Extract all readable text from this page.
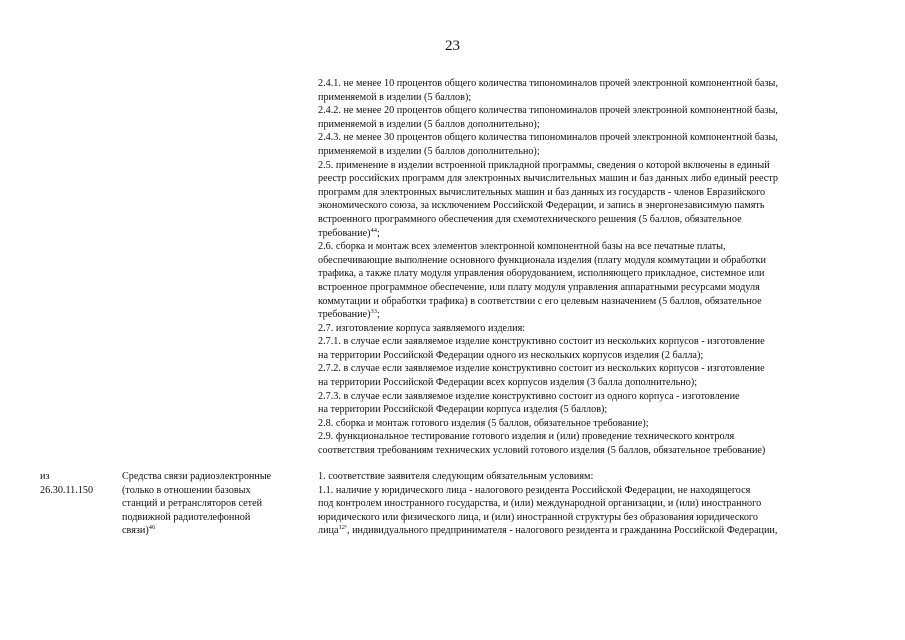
23

2.4.1. не менее 10 процентов общего количества типономиналов прочей электронной компонентной базы,
применяемой в изделии (5 баллов);

2.4.2. не менее 20 процентов общего количества типономиналов прочей электронной компонентной базы,
применяемой в изделии (5 баллов дополнительно);

2.4.3. не менее 30 процентов общего количества типономиналов прочей электронной компонентной базы,
применяемой в изделии (5 баллов дополнительно);

2.5. применение в изделии встроенной прикладной программы, сведения о которой включены в единый
реестр российских программ для электронных вычислительных машин и баз данных либо единый реестр
программ для электронных вычислительных машин и баз данных из государств - членов Евразийского
экономического союза, за исключением Российской Федерации, и запись в энергонезависимую память
встроенного программного обеспечения для схемотехнического решения (5 баллов, обязательное
требование)$^{44}$;

2.6. сборка и монтаж всех элементов электронной компонентной базы на все печатные платы,
обеспечивающие выполнение основного функционала изделия (плату модуля коммутации и обработки
трафика, а также плату модуля управления оборудованием, исполняющего прикладное, системное или
встроенное программное обеспечение, или плату модуля управления аппаратными ресурсами модуля
коммутации и обработки трафика) в соответствии с его целевым назначением (5 баллов, обязательное
требование)$^{33}$;

2.7. изготовление корпуса заявляемого изделия:

2.7.1. в случае если заявляемое изделие конструктивно состоит из нескольких корпусов - изготовление
на территории Российской Федерации одного из нескольких корпусов изделия (2 балла);

2.7.2. в случае если заявляемое изделие конструктивно состоит из нескольких корпусов - изготовление
на территории Российской Федерации всех корпусов изделия (3 балла дополнительно);

2.7.3. в случае если заявляемое изделие конструктивно состоит из одного корпуса - изготовление
на территории Российской Федерации корпуса изделия (5 баллов);

2.8. сборка и монтаж готового изделия (5 баллов, обязательное требование);

2.9. функциональное тестирование готового изделия и (или) проведение технического контроля
соответствия требованиям технических условий готового изделия (5 баллов, обязательное требование)

из
26.30.11.150
Средства связи радиоэлектронные
(только в отношении базовых
станций и ретрансляторов сетей
подвижной радиотелефонной
связи)$^{46}$

1. соответствие заявителя следующим обязательным условиям:

1.1. наличие у юридического лица - налогового резидента Российской Федерации, не находящегося
под контролем иностранного государства, и (или) международной организации, и (или) иностранного
юридического или физического лица, и (или) иностранной структуры без образования юридического
лица$^{12^1}$, индивидуального предпринимателя - налогового резидента и гражданина Российской Федерации,
